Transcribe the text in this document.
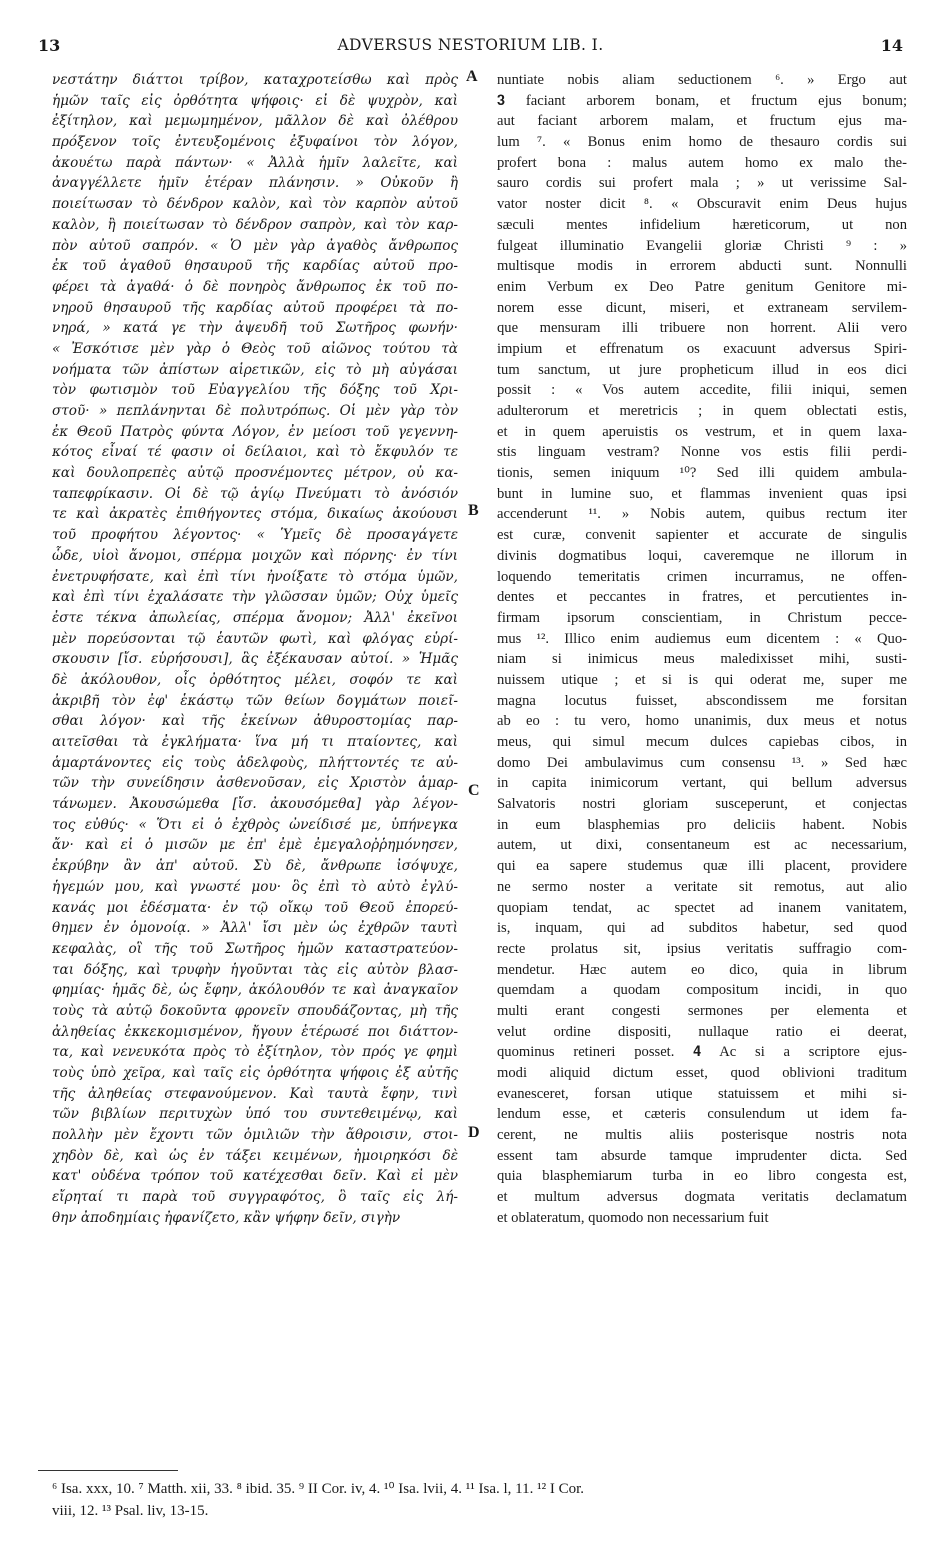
13	ADVERSUS NESTORIUM LIB. I.	14
νεστάτην διάττοι τρίβον, καταχροτείσθω καὶ πρὸς
ἡμῶν ταῖς εἰς ὀρθότητα ψήφοις· εἰ δὲ ψυχρὸν, καὶ
ἐξίτηλον, καὶ μεμωμημένον, μᾶλλον δὲ καὶ ὀλέθρου
πρόξενον τοῖς ἐντευξομένοις ἐξυφαίνοι τὸν λόγον,
ἀκουέτω παρὰ πάντων· « Ἀλλὰ ἡμῖν λαλεῖτε, καὶ
ἀναγγέλλετε ἡμῖν ἑτέραν πλάνησιν. » Οὐκοῦν ἢ
ποιείτωσαν τὸ δένδρον καλὸν, καὶ τὸν καρπὸν αὐτοῦ
καλὸν, ἢ ποιείτωσαν τὸ δένδρον σαπρὸν, καὶ τὸν καρ-
πὸν αὐτοῦ σαπρόν. « Ὁ μὲν γὰρ ἀγαθὸς ἄνθρωπος
ἐκ τοῦ ἀγαθοῦ θησαυροῦ τῆς καρδίας αὐτοῦ προ-
φέρει τὰ ἀγαθά· ὁ δὲ πονηρὸς ἄνθρωπος ἐκ τοῦ πο-
νηροῦ θησαυροῦ τῆς καρδίας αὐτοῦ προφέρει τὰ πο-
νηρά, » κατά γε τὴν ἀψευδῆ τοῦ Σωτῆρος φωνήν·
« Ἐσκότισε μὲν γὰρ ὁ Θεὸς τοῦ αἰῶνος τούτου τὰ
νοήματα τῶν ἀπίστων αἱρετικῶν, εἰς τὸ μὴ αὐγάσαι
τὸν φωτισμὸν τοῦ Εὐαγγελίου τῆς δόξης τοῦ Χρι-
στοῦ· » πεπλάνηνται δὲ πολυτρόπως. Οἱ μὲν γὰρ τὸν
ἐκ Θεοῦ Πατρὸς φύντα Λόγον, ἐν μείοσι τοῦ γεγεννη-
κότος εἶναί τέ φασιν οἱ δείλαιοι, καὶ τὸ ἔκφυλόν τε
καὶ δουλοπρεπὲς αὐτῷ προσνέμοντες μέτρον, οὐ κα-
ταπεφρίκασιν. Οἱ δὲ τῷ ἁγίῳ Πνεύματι τὸ ἀνόσιόν
τε καὶ ἀκρατὲς ἐπιθήγοντες στόμα, δικαίως ἀκούουσι
τοῦ προφήτου λέγοντος· « Ὑμεῖς δὲ προσαγάγετε
ὧδε, υἱοὶ ἄνομοι, σπέρμα μοιχῶν καὶ πόρνης· ἐν τίνι
ἐνετρυφήσατε, καὶ ἐπὶ τίνι ἠνοίξατε τὸ στόμα ὑμῶν,
καὶ ἐπὶ τίνι ἐχαλάσατε τὴν γλῶσσαν ὑμῶν; Οὐχ ὑμεῖς
ἐστε τέκνα ἀπωλείας, σπέρμα ἄνομον; Ἀλλ' ἐκεῖνοι
μὲν πορεύσονται τῷ ἑαυτῶν φωτὶ, καὶ φλόγας εὑρί-
σκουσιν [ἴσ. εὑρήσουσι], ἃς ἐξέκαυσαν αὐτοί. » Ἡμᾶς
δὲ ἀκόλουθον, οἷς ὀρθότητος μέλει, σοφόν τε καὶ
ἀκριβῆ τὸν ἐφ' ἑκάστῳ τῶν θείων δογμάτων ποιεῖ-
σθαι λόγον· καὶ τῆς ἐκείνων ἀθυροστομίας παρ-
αιτεῖσθαι τὰ ἐγκλήματα· ἵνα μή τι πταίοντες, καὶ
ἁμαρτάνοντες εἰς τοὺς ἀδελφοὺς, πλήττοντές τε αὐ-
τῶν τὴν συνείδησιν ἀσθενοῦσαν, εἰς Χριστὸν ἁμαρ-
τάνωμεν. Ἀκουσώμεθα [ἴσ. ἀκουσόμεθα] γὰρ λέγον-
τος εὐθύς· « Ὅτι εἰ ὁ ἐχθρὸς ὠνείδισέ με, ὑπήνεγκα
ἄν· καὶ εἰ ὁ μισῶν με ἐπ' ἐμὲ ἐμεγαλοῤῥημόνησεν,
ἐκρύβην ἂν ἀπ' αὐτοῦ. Σὺ δὲ, ἄνθρωπε ἰσόψυχε,
ἡγεμών μου, καὶ γνωστέ μου· ὃς ἐπὶ τὸ αὐτὸ ἐγλύ-
κανάς μοι ἐδέσματα· ἐν τῷ οἴκῳ τοῦ Θεοῦ ἐπορεύ-
θημεν ἐν ὁμονοίᾳ. » Ἀλλ' ἴσι μὲν ὡς ἐχθρῶν ταυτὶ
κεφαλὰς, οἳ τῆς τοῦ Σωτῆρος ἡμῶν καταστρατεύον-
ται δόξης, καὶ τρυφὴν ἡγοῦνται τὰς εἰς αὐτὸν βλασ-
φημίας· ἡμᾶς δὲ, ὡς ἔφην, ἀκόλουθόν τε καὶ ἀναγκαῖον
τοὺς τὰ αὐτῷ δοκοῦντα φρονεῖν σπουδάζοντας, μὴ τῆς
ἀληθείας ἐκκεκομισμένον, ἤγουν ἑτέρωσέ ποι διάττον-
τα, καὶ νενευκότα πρὸς τὸ ἐξίτηλον, τὸν πρός γε φημὶ
τοὺς ὑπὸ χεῖρα, καὶ ταῖς εἰς ὀρθότητα ψήφοις ἐξ αὐτῆς
τῆς ἀληθείας στεφανούμενον. Καὶ ταυτὰ ἔφην, τινὶ
τῶν βιβλίων περιτυχὼν ὑπό του συντεθειμένῳ, καὶ
πολλὴν μὲν ἔχοντι τῶν ὁμιλιῶν τὴν ἄθροισιν, στοι-
χηδὸν δὲ, καὶ ὡς ἐν τάξει κειμένων, ἠμοιρηκόσι δὲ
κατ' οὐδένα τρόπον τοῦ κατέχεσθαι δεῖν. Καὶ εἰ μὲν
εἴρηταί τι παρὰ τοῦ συγγραφότος, ὃ ταῖς εἰς λή-
θην ἀποδημίαις ἠφανίζετο, κἂν ψήφην δεῖν, σιγὴν
nuntiate nobis aliam seductionem ⁶. » Ergo aut
𝟑 faciant arborem bonam, et fructum ejus bonum;
aut faciant arborem malam, et fructum ejus ma-
lum ⁷. « Bonus enim homo de thesauro cordis sui
profert bona : malus autem homo ex malo the-
sauro cordis sui profert mala ; » ut verissime Sal-
vator noster dicit ⁸. « Obscuravit enim Deus hujus
sæculi mentes infidelium hæreticorum, ut non
fulgeat illuminatio Evangelii gloriæ Christi ⁹ : »
multisque modis in errorem abducti sunt. Nonnulli
enim Verbum ex Deo Patre genitum Genitore mi-
norem esse dicunt, miseri, et extraneam servilem-
que mensuram illi tribuere non horrent. Alii vero
impium et effrenatum os exacuunt adversus Spiri-
tum sanctum, ut jure propheticum illud in eos dici
possit : « Vos autem accedite, filii iniqui, semen
adulterorum et meretricis ; in quem oblectati estis,
et in quem aperuistis os vestrum, et in quem laxa-
stis linguam vestram? Nonne vos estis filii perdi-
tionis, semen iniquum ¹⁰? Sed illi quidem ambula-
bunt in lumine suo, et flammas invenient quas ipsi
accenderunt ¹¹. » Nobis autem, quibus rectum iter
est curæ, convenit sapienter et accurate de singulis
divinis dogmatibus loqui, caveremque ne illorum in
loquendo temeritatis crimen incurramus, ne offen-
dentes et peccantes in fratres, et percutientes in-
firmam ipsorum conscientiam, in Christum pecce-
mus ¹². Illico enim audiemus eum dicentem : « Quo-
niam si inimicus meus maledixisset mihi, susti-
nuissem utique ; et si is qui oderat me, super me
magna locutus fuisset, abscondissem me forsitan
ab eo : tu vero, homo unanimis, dux meus et notus
meus, qui simul mecum dulces capiebas cibos, in
domo Dei ambulavimus cum consensu ¹³. » Sed hæc
in capita inimicorum vertant, qui bellum adversus
Salvatoris nostri gloriam susceperunt, et conjectas
in eum blasphemias pro deliciis habent. Nobis
autem, ut dixi, consentaneum est ac necessarium,
qui ea sapere studemus quæ illi placent, providere
ne sermo noster a veritate sit remotus, aut alio
quopiam tendat, ac spectet ad inanem vanitatem,
is, inquam, qui ad subditos habetur, sed quod
recte prolatus sit, ipsius veritatis suffragio com-
mendetur. Hæc autem eo dico, quia in librum
quemdam a quodam compositum incidi, in quo
multi erant congesti sermones per elementa et
velut ordine dispositi, nullaque ratio ei deerat,
quominus retineri posset. 𝟒 Ac si a scriptore ejus-
modi aliquid dictum esset, quod oblivioni traditum
evanesceret, forsan utique statuissem et mihi si-
lendum esse, et cæteris consulendum ut idem fa-
cerent, ne multis aliis posterisque nostris nota
essent tam absurde tamque imprudenter dicta. Sed
quia blasphemiarum turba in eo libro congesta est,
et multum adversus dogmata veritatis declamatum
et oblateratum, quomodo non necessarium fuit
A
B
C
D
⁶ Isa. xxx, 10. ⁷ Matth. xii, 33. ⁸ ibid. 35. ⁹ II Cor. iv, 4. ¹⁰ Isa. lvii, 4. ¹¹ Isa. l, 11. ¹² I Cor.
viii, 12. ¹³ Psal. liv, 13-15.
